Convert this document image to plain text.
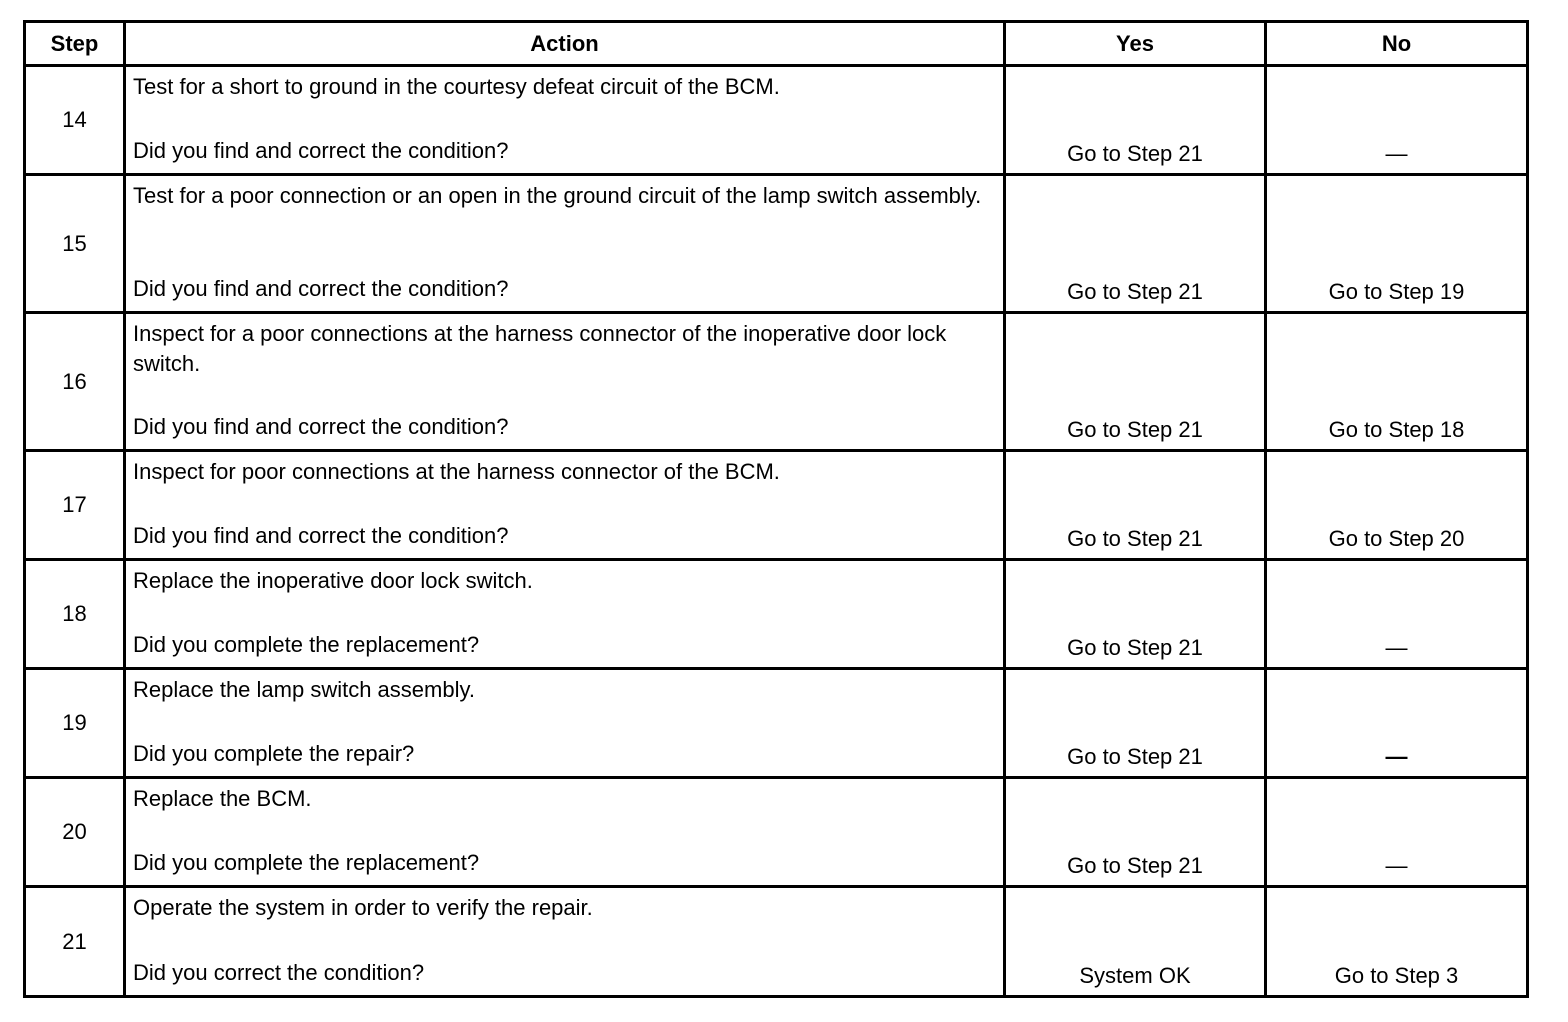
Step	Action	Yes	No
14	Test for a short to ground in the courtesy defeat circuit of the BCM.
Did you find and correct the condition?	Go to Step 21	—
15	Test for a poor connection or an open in the ground circuit of the lamp switch assembly.
Did you find and correct the condition?	Go to Step 21	Go to Step 19
16	Inspect for a poor connections at the harness connector of the inoperative door lock switch.
Did you find and correct the condition?	Go to Step 21	Go to Step 18
17	Inspect for poor connections at the harness connector of the BCM.
Did you find and correct the condition?	Go to Step 21	Go to Step 20
18	Replace the inoperative door lock switch.
Did you complete the replacement?	Go to Step 21	—
19	Replace the lamp switch assembly.
Did you complete the repair?	Go to Step 21	—
20	Replace the BCM.
Did you complete the replacement?	Go to Step 21	—
21	Operate the system in order to verify the repair.
Did you correct the condition?	System OK	Go to Step 3
